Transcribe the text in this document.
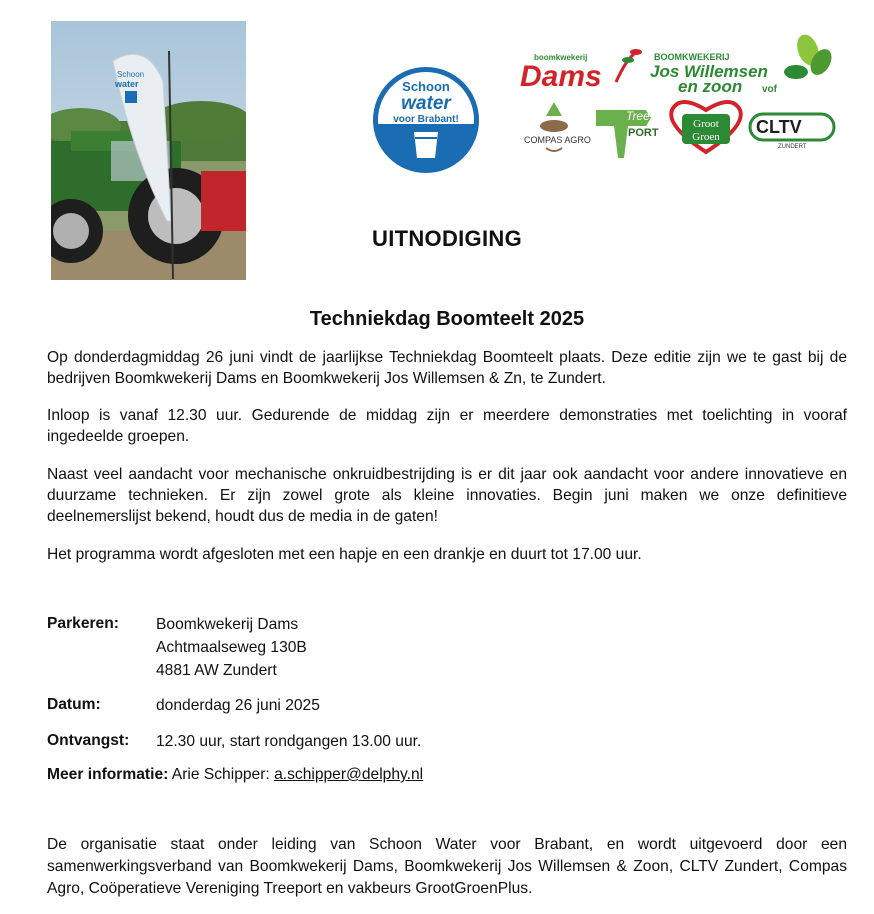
Schoon
water	Schoon
water
voor Brabant!
boomkwekerij
Dams
BOOMKWEKERIJ
Jos Willemsen
en zoon vof
COMPAS AGRO
Tree
PORT
Groot
Groen CLTV
ZUNDERT
UITNODIGING
Techniekdag Boomteelt 2025

Op donderdagmiddag 26 juni vindt de jaarlijkse Techniekdag Boomteelt plaats. Deze editie zijn we te gast bij de bedrijven Boomkwekerij Dams en Boomkwekerij Jos Willemsen & Zn, te Zundert.

Inloop is vanaf 12.30 uur. Gedurende de middag zijn er meerdere demonstraties met toelichting in vooraf ingedeelde groepen.

Naast veel aandacht voor mechanische onkruidbestrijding is er dit jaar ook aandacht voor andere innovatieve en duurzame technieken. Er zijn zowel grote als kleine innovaties. Begin juni maken we onze definitieve deelnemerslijst bekend, houdt dus de media in de gaten!

Het programma wordt afgesloten met een hapje en een drankje en duurt tot 17.00 uur.

Parkeren: Boomkwekerij Dams
Achtmaalseweg 130B
4881 AW Zundert
Datum:	donderdag 26 juni 2025
Ontvangst: 12.30 uur, start rondgangen 13.00 uur.
Meer informatie: Arie Schipper: a.schipper@delphy.nl

De organisatie staat onder leiding van Schoon Water voor Brabant, en wordt uitgevoerd door een samenwerkingsverband van Boomkwekerij Dams, Boomkwekerij Jos Willemsen & Zoon, CLTV Zundert, Compas Agro, Coöperatieve Vereniging Treeport en vakbeurs GrootGroenPlus.
